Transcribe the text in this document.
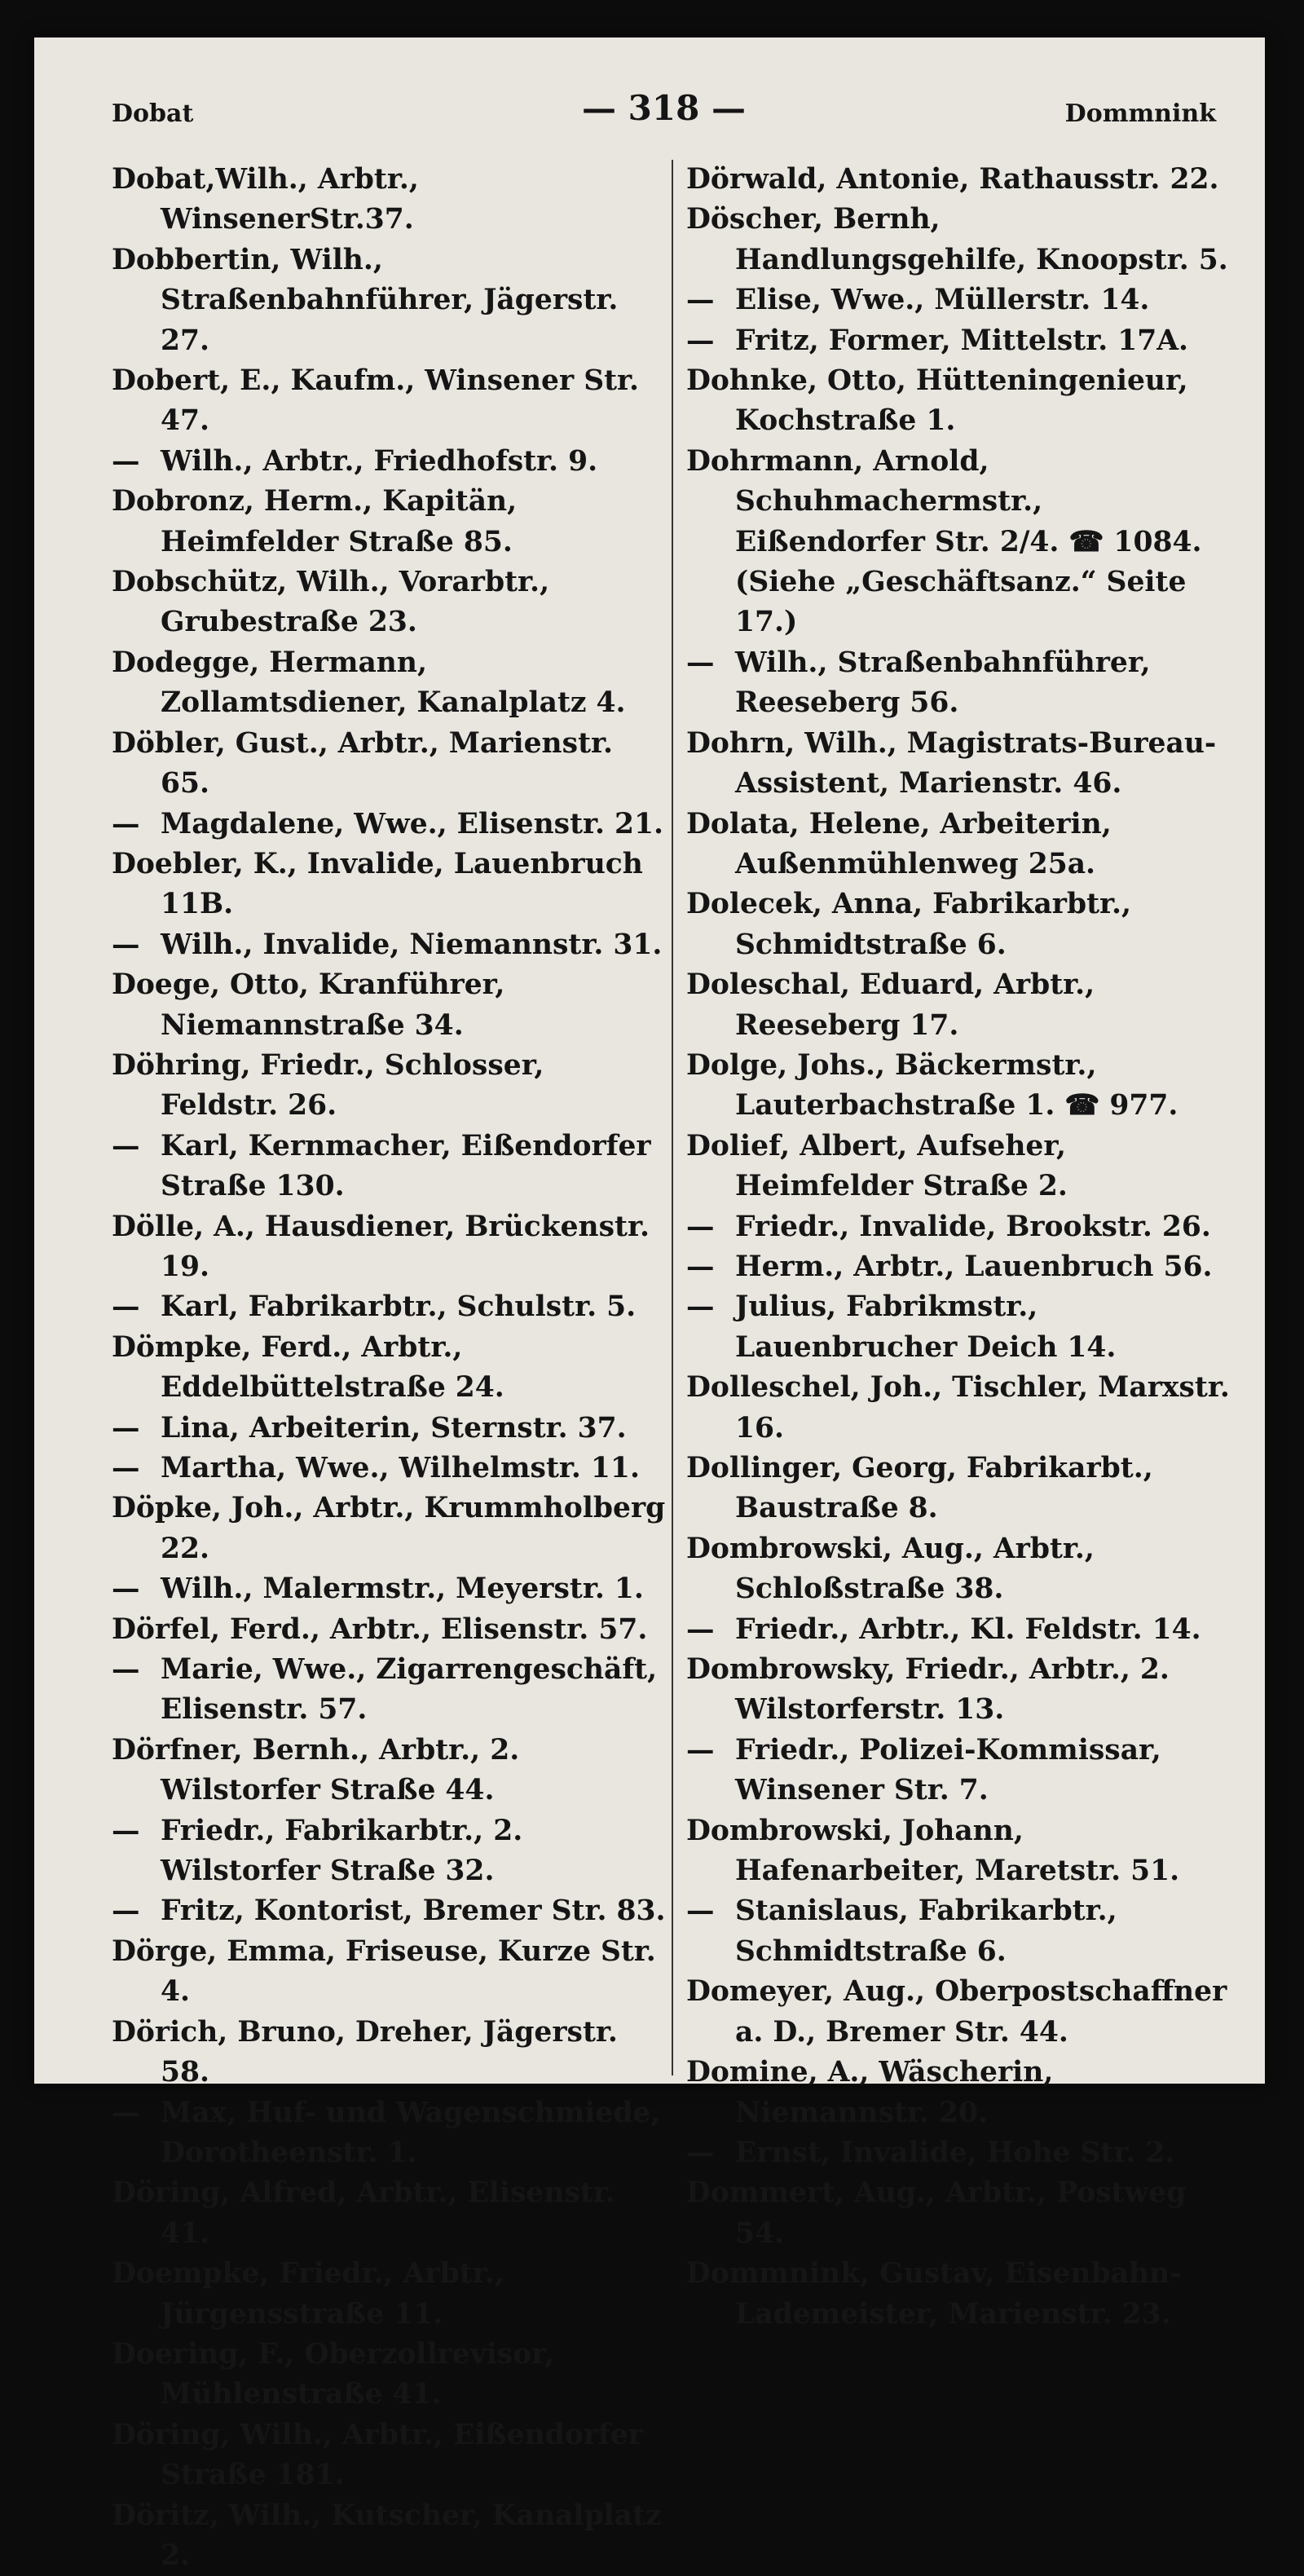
Dobat	— 318 —	Dommnink

Dobat,Wilh., Arbtr., WinsenerStr.37.

Dobbertin, Wilh., Straßenbahnführer, Jägerstr. 27.

Dobert, E., Kaufm., Winsener Str. 47.

— Wilh., Arbtr., Friedhofstr. 9.

Dobronz, Herm., Kapitän, Heimfelder Straße 85.

Dobschütz, Wilh., Vorarbtr., Grubestraße 23.

Dodegge, Hermann, Zollamtsdiener, Kanalplatz 4.

Döbler, Gust., Arbtr., Marienstr. 65.

— Magdalene, Wwe., Elisenstr. 21.

Doebler, K., Invalide, Lauenbruch 11B.

— Wilh., Invalide, Niemannstr. 31.

Doege, Otto, Kranführer, Niemannstraße 34.

Döhring, Friedr., Schlosser, Feldstr. 26.

— Karl, Kernmacher, Eißendorfer Straße 130.

Dölle, A., Hausdiener, Brückenstr. 19.

— Karl, Fabrikarbtr., Schulstr. 5.

Dömpke, Ferd., Arbtr., Eddelbüttelstraße 24.

— Lina, Arbeiterin, Sternstr. 37.

— Martha, Wwe., Wilhelmstr. 11.

Döpke, Joh., Arbtr., Krummholberg 22.

— Wilh., Malermstr., Meyerstr. 1.

Dörfel, Ferd., Arbtr., Elisenstr. 57.

— Marie, Wwe., Zigarrengeschäft, Elisenstr. 57.

Dörfner, Bernh., Arbtr., 2. Wilstorfer Straße 44.

— Friedr., Fabrikarbtr., 2. Wilstorfer Straße 32.

— Fritz, Kontorist, Bremer Str. 83.

Dörge, Emma, Friseuse, Kurze Str. 4.

Dörich, Bruno, Dreher, Jägerstr. 58.

— Max, Huf- und Wagenschmiede, Dorotheenstr. 1.

Döring, Alfred, Arbtr., Elisenstr. 41.

Doempke, Friedr., Arbtr., Jürgensstraße 11.

Doering, F., Oberzollrevisor, Mühlenstraße 41.

Döring, Wilh., Arbtr., Eißendorfer Straße 181.

Döritz, Wilh., Kutscher, Kanalplatz 2.

Dörwald, Antonie, Rathausstr. 22.

Döscher, Bernh, Handlungsgehilfe, Knoopstr. 5.

— Elise, Wwe., Müllerstr. 14.

— Fritz, Former, Mittelstr. 17A.

Dohnke, Otto, Hütteningenieur, Kochstraße 1.

Dohrmann, Arnold, Schuhmachermstr., Eißendorfer Str. 2/4. ☎ 1084. (Siehe „Geschäftsanz.“ Seite 17.)

— Wilh., Straßenbahnführer, Reeseberg 56.

Dohrn, Wilh., Magistrats-Bureau-Assistent, Marienstr. 46.

Dolata, Helene, Arbeiterin, Außenmühlenweg 25a.

Dolecek, Anna, Fabrikarbtr., Schmidtstraße 6.

Doleschal, Eduard, Arbtr., Reeseberg 17.

Dolge, Johs., Bäckermstr., Lauterbachstraße 1. ☎ 977.

Dolief, Albert, Aufseher, Heimfelder Straße 2.

— Friedr., Invalide, Brookstr. 26.

— Herm., Arbtr., Lauenbruch 56.

— Julius, Fabrikmstr., Lauenbrucher Deich 14.

Dolleschel, Joh., Tischler, Marxstr. 16.

Dollinger, Georg, Fabrikarbt., Baustraße 8.

Dombrowski, Aug., Arbtr., Schloßstraße 38.

— Friedr., Arbtr., Kl. Feldstr. 14.

Dombrowsky, Friedr., Arbtr., 2. Wilstorferstr. 13.

— Friedr., Polizei-Kommissar, Winsener Str. 7.

Dombrowski, Johann, Hafenarbeiter, Maretstr. 51.

— Stanislaus, Fabrikarbtr., Schmidtstraße 6.

Domeyer, Aug., Oberpostschaffner a. D., Bremer Str. 44.

Domine, A., Wäscherin, Niemannstr. 20.

— Ernst, Invalide, Hohe Str. 2.

Dommert, Aug., Arbtr., Postweg 54.

Dommnink, Gustav, Eisenbahn-Lademeister, Marienstr. 23.
